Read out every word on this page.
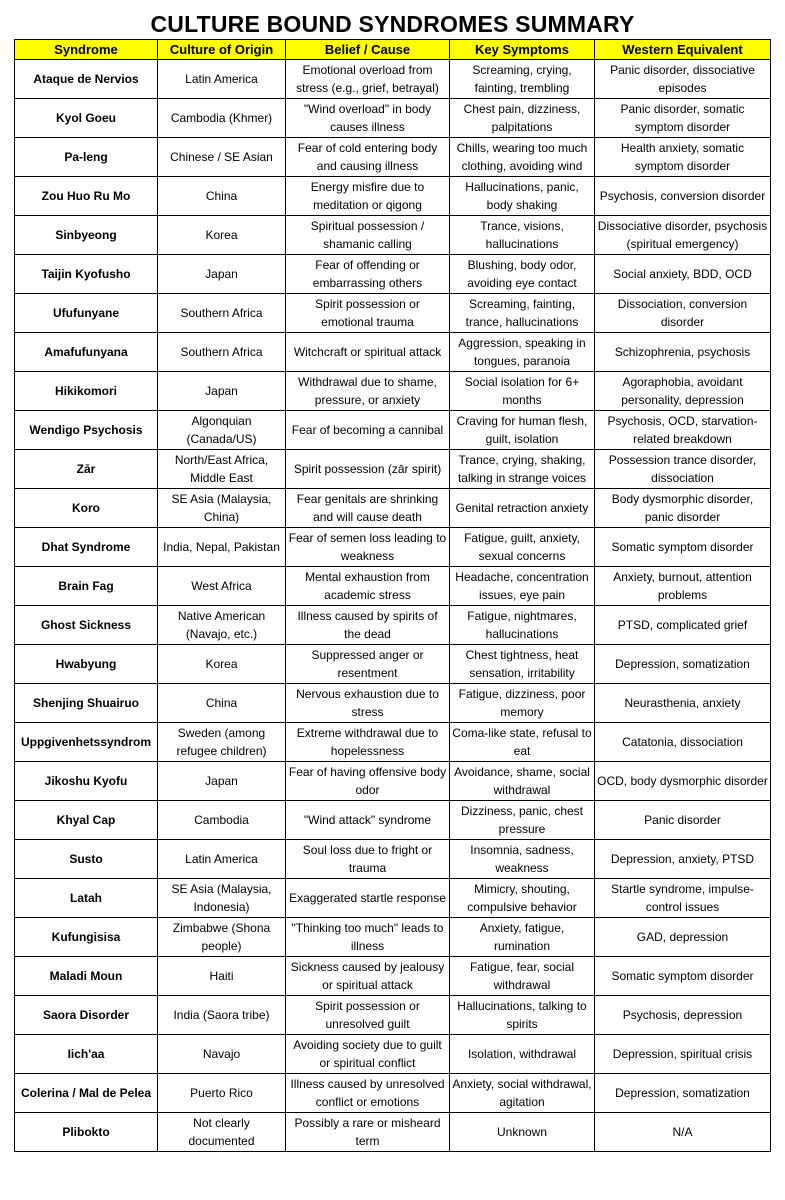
CULTURE BOUND SYNDROMES SUMMARY
Syndrome	Culture of Origin	Belief / Cause	Key Symptoms	Western Equivalent
Ataque de Nervios	Latin America	Emotional overload from stress (e.g., grief, betrayal)	Screaming, crying, fainting, trembling	Panic disorder, dissociative episodes
Kyol Goeu	Cambodia (Khmer)	"Wind overload" in body causes illness	Chest pain, dizziness, palpitations	Panic disorder, somatic symptom disorder
Pa-leng	Chinese / SE Asian	Fear of cold entering body and causing illness	Chills, wearing too much clothing, avoiding wind	Health anxiety, somatic symptom disorder
Zou Huo Ru Mo	China	Energy misfire due to meditation or qigong	Hallucinations, panic, body shaking	Psychosis, conversion disorder
Sinbyeong	Korea	Spiritual possession / shamanic calling	Trance, visions, hallucinations	Dissociative disorder, psychosis (spiritual emergency)
Taijin Kyofusho	Japan	Fear of offending or embarrassing others	Blushing, body odor, avoiding eye contact	Social anxiety, BDD, OCD
Ufufunyane	Southern Africa	Spirit possession or emotional trauma	Screaming, fainting, trance, hallucinations	Dissociation, conversion disorder
Amafufunyana	Southern Africa	Witchcraft or spiritual attack	Aggression, speaking in tongues, paranoia	Schizophrenia, psychosis
Hikikomori	Japan	Withdrawal due to shame, pressure, or anxiety	Social isolation for 6+ months	Agoraphobia, avoidant personality, depression
Wendigo Psychosis	Algonquian (Canada/US)	Fear of becoming a cannibal	Craving for human flesh, guilt, isolation	Psychosis, OCD, starvation-related breakdown
Zār	North/East Africa, Middle East	Spirit possession (zār spirit)	Trance, crying, shaking, talking in strange voices	Possession trance disorder, dissociation
Koro	SE Asia (Malaysia, China)	Fear genitals are shrinking and will cause death	Genital retraction anxiety	Body dysmorphic disorder, panic disorder
Dhat Syndrome	India, Nepal, Pakistan	Fear of semen loss leading to weakness	Fatigue, guilt, anxiety, sexual concerns	Somatic symptom disorder
Brain Fag	West Africa	Mental exhaustion from academic stress	Headache, concentration issues, eye pain	Anxiety, burnout, attention problems
Ghost Sickness	Native American (Navajo, etc.)	Illness caused by spirits of the dead	Fatigue, nightmares, hallucinations	PTSD, complicated grief
Hwabyung	Korea	Suppressed anger or resentment	Chest tightness, heat sensation, irritability	Depression, somatization
Shenjing Shuairuo	China	Nervous exhaustion due to stress	Fatigue, dizziness, poor memory	Neurasthenia, anxiety
Uppgivenhetssyndrom	Sweden (among refugee children)	Extreme withdrawal due to hopelessness	Coma-like state, refusal to eat	Catatonia, dissociation
Jikoshu Kyofu	Japan	Fear of having offensive body odor	Avoidance, shame, social withdrawal	OCD, body dysmorphic disorder
Khyal Cap	Cambodia	"Wind attack" syndrome	Dizziness, panic, chest pressure	Panic disorder
Susto	Latin America	Soul loss due to fright or trauma	Insomnia, sadness, weakness	Depression, anxiety, PTSD
Latah	SE Asia (Malaysia, Indonesia)	Exaggerated startle response	Mimicry, shouting, compulsive behavior	Startle syndrome, impulse-control issues
Kufungisisa	Zimbabwe (Shona people)	"Thinking too much" leads to illness	Anxiety, fatigue, rumination	GAD, depression
Maladi Moun	Haiti	Sickness caused by jealousy or spiritual attack	Fatigue, fear, social withdrawal	Somatic symptom disorder
Saora Disorder	India (Saora tribe)	Spirit possession or unresolved guilt	Hallucinations, talking to spirits	Psychosis, depression
Iich'aa	Navajo	Avoiding society due to guilt or spiritual conflict	Isolation, withdrawal	Depression, spiritual crisis
Colerina / Mal de Pelea	Puerto Rico	Illness caused by unresolved conflict or emotions	Anxiety, social withdrawal, agitation	Depression, somatization
Plibokto	Not clearly documented	Possibly a rare or misheard term	Unknown	N/A
